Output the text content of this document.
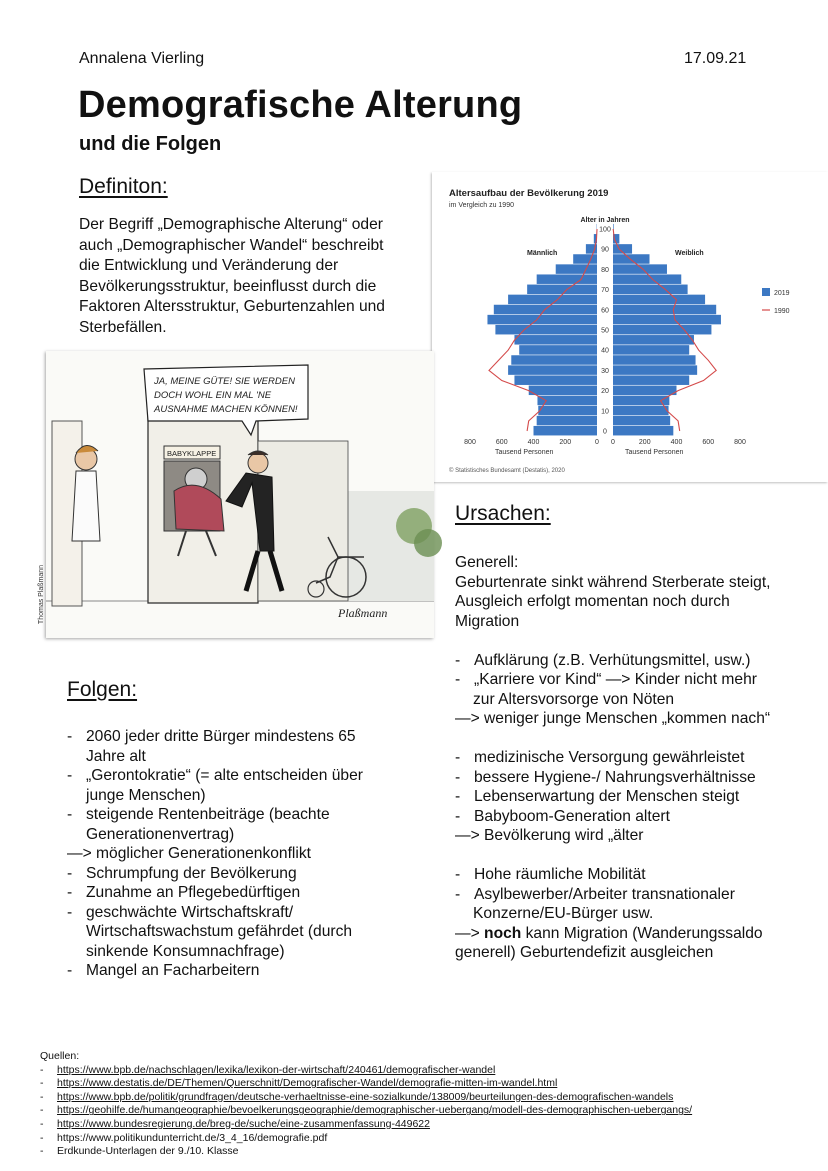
Annalena Vierling	17.09.21
Demografische Alterung
und die Folgen
Definiton:
Der Begriff „Demographische Alterung“ oder
auch „Demographischer Wandel“ beschreibt
die Entwicklung und Veränderung der
Bevölkerungsstruktur, beeinflusst durch die
Faktoren Altersstruktur, Geburtenzahlen und
Sterbefällen.
Altersaufbau der Bevölkerung 2019
im Vergleich zu 1990
Alter in Jahren
Männlich	Weiblich
100
90
80
70
60
50
40
30
20
10
0
800	600	400	200	0 0	200	400	600	800
Tausend Personen	Tausend Personen
2019
1990
© Statistisches Bundesamt (Destatis), 2020
JA, MEINE GÜTE! SIE WERDEN
DOCH WOHL EIN MAL 'NE
AUSNAHME MACHEN KÖNNEN!
BABYKLAPPE
Plaßmann
Thomas Plaßmann
Ursachen:
Generell:
Geburtenrate sinkt während Sterberate steigt,
Ausgleich erfolgt momentan noch durch
Migration
- Aufklärung (z.B. Verhütungsmittel, usw.)
- „Karriere vor Kind“ —> Kinder nicht mehr
zur Altersvorsorge von Nöten
—> weniger junge Menschen „kommen nach“
- medizinische Versorgung gewährleistet
- bessere Hygiene-/ Nahrungsverhältnisse
- Lebenserwartung der Menschen steigt
- Babyboom-Generation altert
—> Bevölkerung wird „älter
- Hohe räumliche Mobilität
- Asylbewerber/Arbeiter transnationaler
Konzerne/EU-Bürger usw.
—> noch kann Migration (Wanderungssaldo
generell) Geburtendefizit ausgleichen
Folgen:
- 2060 jeder dritte Bürger mindestens 65
Jahre alt
- „Gerontokratie“ (= alte entscheiden über
junge Menschen)
- steigende Rentenbeiträge (beachte
Generationenvertrag)
—> möglicher Generationenkonflikt
- Schrumpfung der Bevölkerung
- Zunahme an Pflegebedürftigen
- geschwächte Wirtschaftskraft/
Wirtschaftswachstum gefährdet (durch
sinkende Konsumnachfrage)
- Mangel an Facharbeitern
Quellen:
- https://www.bpb.de/nachschlagen/lexika/lexikon-der-wirtschaft/240461/demografischer-wandel
- https://www.destatis.de/DE/Themen/Querschnitt/Demografischer-Wandel/demografie-mitten-im-wandel.html
- https://www.bpb.de/politik/grundfragen/deutsche-verhaeltnisse-eine-sozialkunde/138009/beurteilungen-des-demografischen-wandels
- https://geohilfe.de/humangeographie/bevoelkerungsgeographie/demographischer-uebergang/modell-des-demographischen-uebergangs/
- https://www.bundesregierung.de/breg-de/suche/eine-zusammenfassung-449622
- https://www.politikundunterricht.de/3_4_16/demografie.pdf
- Erdkunde-Unterlagen der 9./10. Klasse
